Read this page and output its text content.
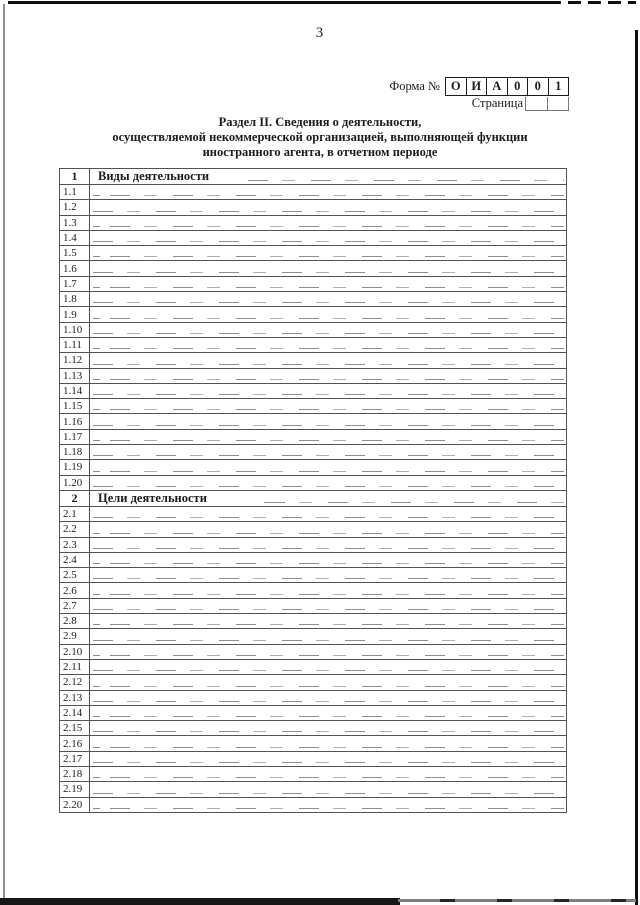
3
Форма № О И А	0	0	1
Страница
Раздел II. Сведения о деятельности,
осуществляемой некоммерческой организацией, выполняющей функции
иностранного агента, в отчетном периоде
1	Виды деятельности

1.1	

1.2	

1.3	

1.4	

1.5	

1.6	

1.7	

1.8	

1.9	

1.10	

1.11	

1.12	

1.13	

1.14	

1.15	

1.16	

1.17	

1.18	

1.19	

1.20	

2	Цели деятельности

2.1	

2.2	

2.3	

2.4	

2.5	

2.6	

2.7	

2.8	

2.9	

2.10	

2.11	

2.12	

2.13	

2.14	

2.15	

2.16	

2.17	

2.18	

2.19	

2.20	
